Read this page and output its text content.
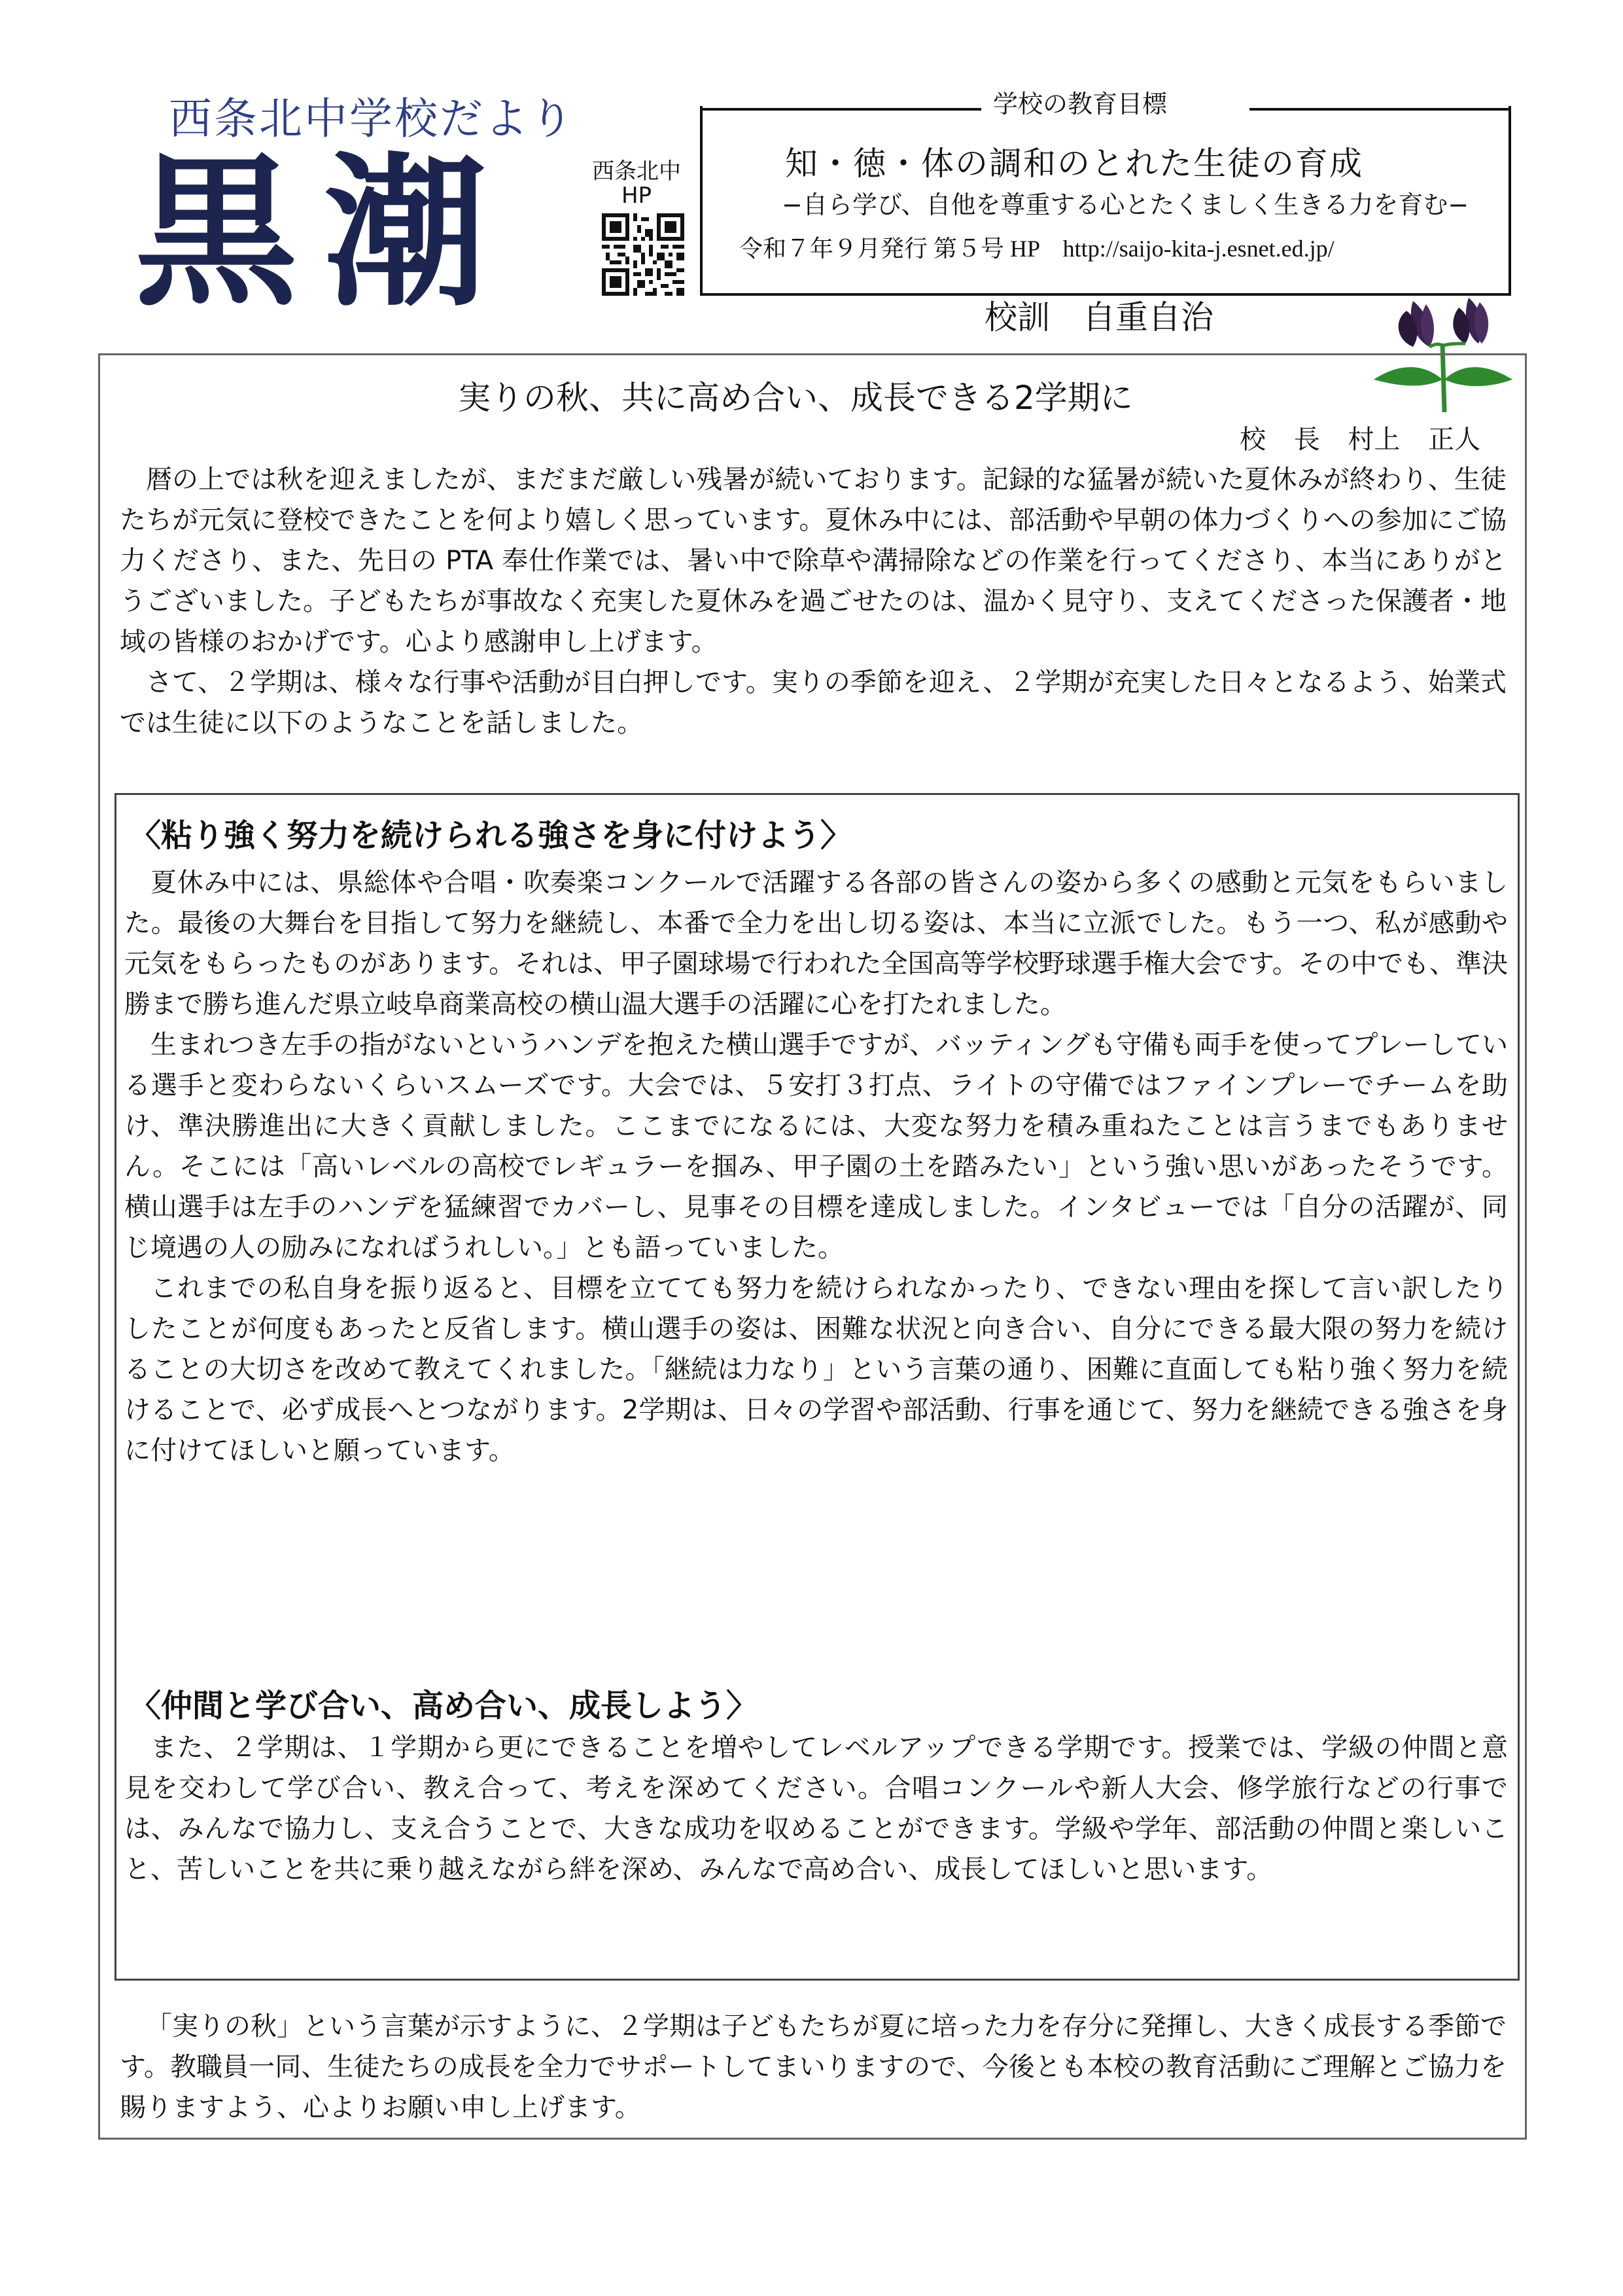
西条北中学校だより
黒潮	西条北中
HP
学校の教育目標
知・徳・体の調和のとれた生徒の育成
−自ら学び、自他を尊重する心とたくましく生きる力を育む−
令和７年９月発行 第５号 HP　http://saijo-kita-j.esnet.ed.jp/
校訓　自重自治
実りの秋、共に高め合い、成長できる2学期に
校 長 村上 正人

暦の上では秋を迎えましたが、まだまだ厳しい残暑が続いております。記録的な猛暑が続いた夏休みが終わり、生徒たちが元気に登校できたことを何より嬉しく思っています。夏休み中には、部活動や早朝の体力づくりへの参加にご協力くださり、また、先日の PTA 奉仕作業では、暑い中で除草や溝掃除などの作業を行ってくださり、本当にありがとうございました。子どもたちが事故なく充実した夏休みを過ごせたのは、温かく見守り、支えてくださった保護者・地域の皆様のおかげです。心より感謝申し上げます。

さて、２学期は、様々な行事や活動が目白押しです。実りの季節を迎え、２学期が充実した日々となるよう、始業式では生徒に以下のようなことを話しました。

〈粘り強く努力を続けられる強さを身に付けよう〉

夏休み中には、県総体や合唱・吹奏楽コンクールで活躍する各部の皆さんの姿から多くの感動と元気をもらいました。最後の大舞台を目指して努力を継続し、本番で全力を出し切る姿は、本当に立派でした。もう一つ、私が感動や元気をもらったものがあります。それは、甲子園球場で行われた全国高等学校野球選手権大会です。その中でも、準決勝まで勝ち進んだ県立岐阜商業高校の横山温大選手の活躍に心を打たれました。

生まれつき左手の指がないというハンデを抱えた横山選手ですが、バッティングも守備も両手を使ってプレーしている選手と変わらないくらいスムーズです。大会では、５安打３打点、ライトの守備ではファインプレーでチームを助け、準決勝進出に大きく貢献しました。ここまでになるには、大変な努力を積み重ねたことは言うまでもありません。そこには「高いレベルの高校でレギュラーを掴み、甲子園の土を踏みたい」という強い思いがあったそうです。横山選手は左手のハンデを猛練習でカバーし、見事その目標を達成しました。インタビューでは「自分の活躍が、同じ境遇の人の励みになればうれしい。」とも語っていました。

これまでの私自身を振り返ると、目標を立てても努力を続けられなかったり、できない理由を探して言い訳したりしたことが何度もあったと反省します。横山選手の姿は、困難な状況と向き合い、自分にできる最大限の努力を続けることの大切さを改めて教えてくれました。「継続は力なり」という言葉の通り、困難に直面しても粘り強く努力を続けることで、必ず成長へとつながります。2学期は、日々の学習や部活動、行事を通じて、努力を継続できる強さを身に付けてほしいと願っています。

〈仲間と学び合い、高め合い、成長しよう〉

また、２学期は、１学期から更にできることを増やしてレベルアップできる学期です。授業では、学級の仲間と意見を交わして学び合い、教え合って、考えを深めてください。合唱コンクールや新人大会、修学旅行などの行事では、みんなで協力し、支え合うことで、大きな成功を収めることができます。学級や学年、部活動の仲間と楽しいこと、苦しいことを共に乗り越えながら絆を深め、みんなで高め合い、成長してほしいと思います。

「実りの秋」という言葉が示すように、２学期は子どもたちが夏に培った力を存分に発揮し、大きく成長する季節です。教職員一同、生徒たちの成長を全力でサポートしてまいりますので、今後とも本校の教育活動にご理解とご協力を賜りますよう、心よりお願い申し上げます。
